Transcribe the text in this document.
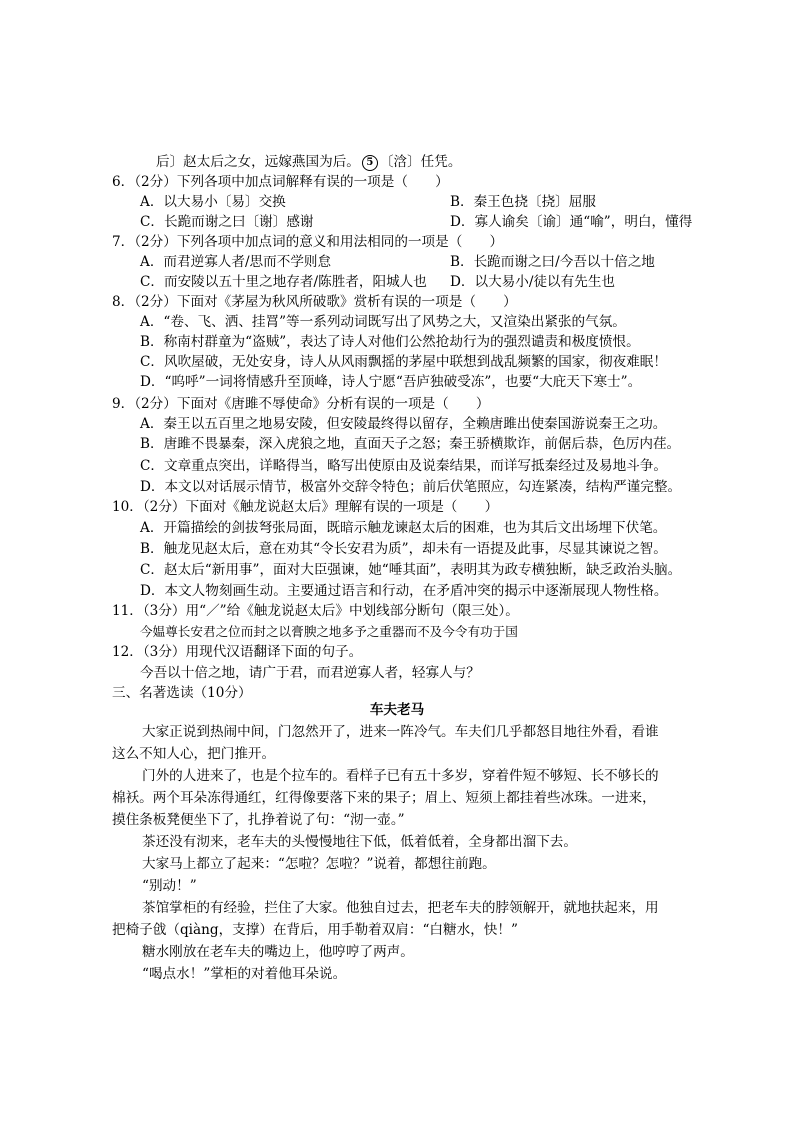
后〕赵太后之女，远嫁燕国为后。 5 〔浛〕任凭。
6．（2分）下列各项中加点词解释有误的一项是（　　）
A．以大易小〔易〕交换	B．秦王色挠〔挠〕屈服
C．长跪而谢之曰〔谢〕感谢	D．寡人谕矣〔谕〕通“喻”，明白，懂得
7．（2分）下列各项中加点词的意义和用法相同的一项是（　　）
A．而君逆寡人者/思而不学则怠	B．长跪而谢之曰/今吾以十倍之地
C．而安陵以五十里之地存者/陈胜者，阳城人也 D．以大易小/徒以有先生也
8．（2分）下面对《茅屋为秋风所破歌》赏析有误的一项是（　　）
A．“卷、飞、洒、挂罥”等一系列动词既写出了风势之大，又渲染出紧张的气氛。
B．称南村群童为“盗贼”，表达了诗人对他们公然抢劫行为的强烈谴责和极度愤恨。
C．风吹屋破，无处安身，诗人从风雨飘摇的茅屋中联想到战乱频繁的国家，彻夜难眠！
D．“呜呼”一词将情感升至顶峰，诗人宁愿“吾庐独破受冻”，也要“大庇天下寒士”。
9．（2分）下面对《唐雎不辱使命》分析有误的一项是（　　）
A．秦王以五百里之地易安陵，但安陵最终得以留存，全赖唐雎出使秦国游说秦王之功。
B．唐雎不畏暴秦，深入虎狼之地，直面天子之怒；秦王骄横欺诈，前倨后恭，色厉内荏。
C．文章重点突出，详略得当，略写出使原由及说秦结果，而详写抵秦经过及易地斗争。
D．本文以对话展示情节，极富外交辞令特色；前后伏笔照应，勾连紧凑，结构严谨完整。
10．（2分）下面对《触龙说赵太后》理解有误的一项是（　　）
A．开篇描绘的剑拔弩张局面，既暗示触龙谏赵太后的困难，也为其后文出场埋下伏笔。
B．触龙见赵太后，意在劝其“令长安君为质”，却未有一语提及此事，尽显其谏说之智。
C．赵太后“新用事”，面对大臣强谏，她“唾其面”，表明其为政专横独断，缺乏政治头脑。
D．本文人物刻画生动。主要通过语言和行动，在矛盾冲突的揭示中逐渐展现人物性格。
11．（3分）用“／”给《触龙说赵太后》中划线部分断句（限三处）。
今媪尊长安君之位而封之以膏腴之地多予之重器而不及今令有功于国
12．（3分）用现代汉语翻译下面的句子。
今吾以十倍之地，请广于君，而君逆寡人者，轻寡人与？
三、名著选读（10分）
车夫老马
大家正说到热闹中间，门忽然开了，进来一阵冷气。车夫们几乎都怒目地往外看，看谁
这么不知人心，把门推开。
门外的人进来了，也是个拉车的。看样子已有五十多岁，穿着件短不够短、长不够长的
棉袄。两个耳朵冻得通红，红得像要落下来的果子；眉上、短须上都挂着些冰珠。一进来，
摸住条板凳便坐下了，扎挣着说了句：“沏一壶。”
茶还没有沏来，老车夫的头慢慢地往下低，低着低着，全身都出溜下去。
大家马上都立了起来：“怎啦？怎啦？”说着，都想往前跑。
“别动！”
茶馆掌柜的有经验，拦住了大家。他独自过去，把老车夫的脖领解开，就地扶起来，用
把椅子戗（qiàng，支撑）在背后，用手勒着双肩：“白糖水，快！”
糖水刚放在老车夫的嘴边上，他哼哼了两声。
“喝点水！”掌柜的对着他耳朵说。
